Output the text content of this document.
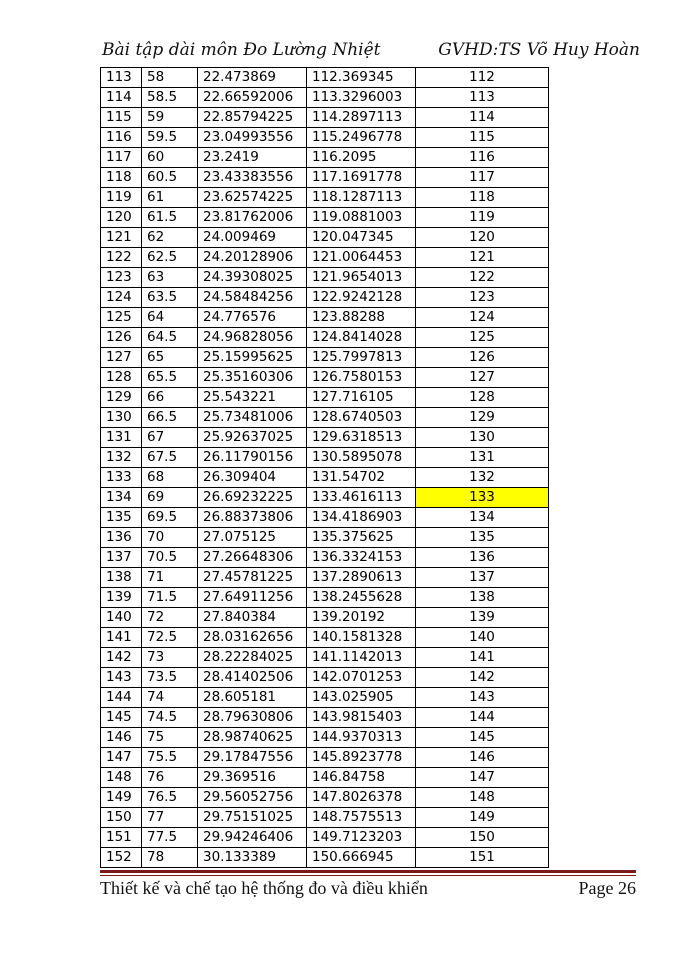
Bài tập dài môn Đo Lường Nhiệt	GVHD:TS Võ Huy Hoàn
113	58	22.473869	112.369345	112
114	58.5	22.66592006	113.3296003	113
115	59	22.85794225	114.2897113	114
116	59.5	23.04993556	115.2496778	115
117	60	23.2419	116.2095	116
118	60.5	23.43383556	117.1691778	117
119	61	23.62574225	118.1287113	118
120	61.5	23.81762006	119.0881003	119
121	62	24.009469	120.047345	120
122	62.5	24.20128906	121.0064453	121
123	63	24.39308025	121.9654013	122
124	63.5	24.58484256	122.9242128	123
125	64	24.776576	123.88288	124
126	64.5	24.96828056	124.8414028	125
127	65	25.15995625	125.7997813	126
128	65.5	25.35160306	126.7580153	127
129	66	25.543221	127.716105	128
130	66.5	25.73481006	128.6740503	129
131	67	25.92637025	129.6318513	130
132	67.5	26.11790156	130.5895078	131
133	68	26.309404	131.54702	132
134	69	26.69232225	133.4616113	133
135	69.5	26.88373806	134.4186903	134
136	70	27.075125	135.375625	135
137	70.5	27.26648306	136.3324153	136
138	71	27.45781225	137.2890613	137
139	71.5	27.64911256	138.2455628	138
140	72	27.840384	139.20192	139
141	72.5	28.03162656	140.1581328	140
142	73	28.22284025	141.1142013	141
143	73.5	28.41402506	142.0701253	142
144	74	28.605181	143.025905	143
145	74.5	28.79630806	143.9815403	144
146	75	28.98740625	144.9370313	145
147	75.5	29.17847556	145.8923778	146
148	76	29.369516	146.84758	147
149	76.5	29.56052756	147.8026378	148
150	77	29.75151025	148.7575513	149
151	77.5	29.94246406	149.7123203	150
152	78	30.133389	150.666945	151
Thiết kế và chế tạo hệ thống đo và điều khiển	Page 26
